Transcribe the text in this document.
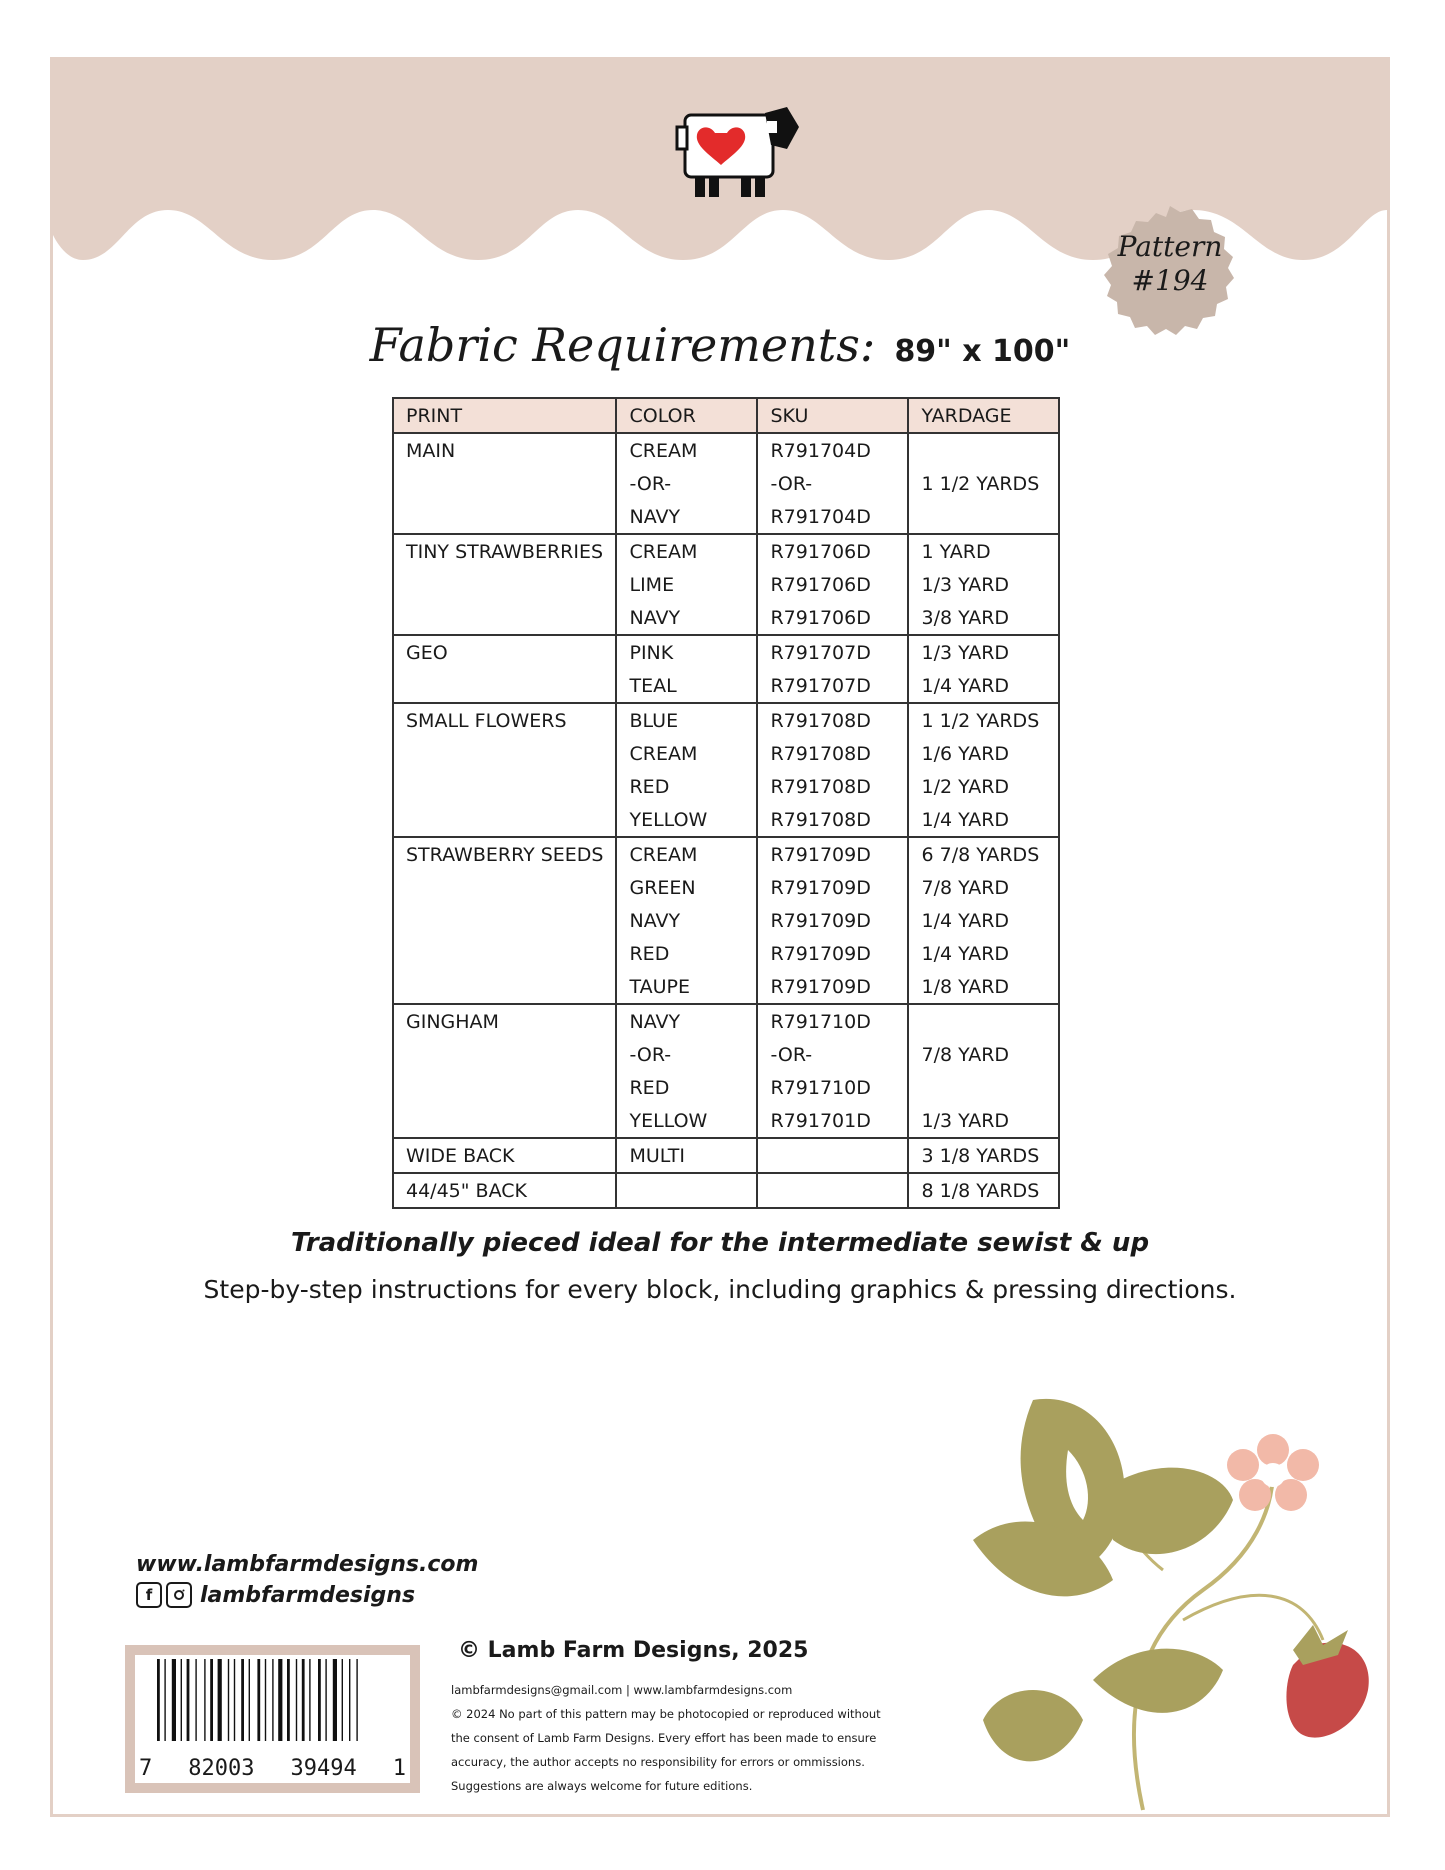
Pattern
#194
Fabric Requirements: 89" x 100"
PRINT	COLOR	SKU	YARDAGE
MAIN	CREAM	R791704D	
	-OR-	-OR-	1 1/2 YARDS
	NAVY	R791704D	
TINY STRAWBERRIES	CREAM	R791706D	1 YARD
	LIME	R791706D	1/3 YARD
	NAVY	R791706D	3/8 YARD
GEO	PINK	R791707D	1/3 YARD
	TEAL	R791707D	1/4 YARD
SMALL FLOWERS	BLUE	R791708D	1 1/2 YARDS
	CREAM	R791708D	1/6 YARD
	RED	R791708D	1/2 YARD
	YELLOW	R791708D	1/4 YARD
STRAWBERRY SEEDS	CREAM	R791709D	6 7/8 YARDS
	GREEN	R791709D	7/8 YARD
	NAVY	R791709D	1/4 YARD
	RED	R791709D	1/4 YARD
	TAUPE	R791709D	1/8 YARD
GINGHAM	NAVY	R791710D	
	-OR-	-OR-	7/8 YARD
	RED	R791710D	
	YELLOW	R791701D	1/3 YARD
WIDE BACK	MULTI		3 1/8 YARDS
44/45" BACK			8 1/8 YARDS
Traditionally pieced ideal for the intermediate sewist & up
Step-by-step instructions for every block, including graphics & pressing directions.
www.lambfarmdesigns.com
f	lambfarmdesigns
7 82003 39494 1
© Lamb Farm Designs, 2025
lambfarmdesigns@gmail.com | www.lambfarmdesigns.com
© 2024 No part of this pattern may be photocopied or reproduced without
the consent of Lamb Farm Designs. Every effort has been made to ensure
accuracy, the author accepts no responsibility for errors or ommissions.
Suggestions are always welcome for future editions.
